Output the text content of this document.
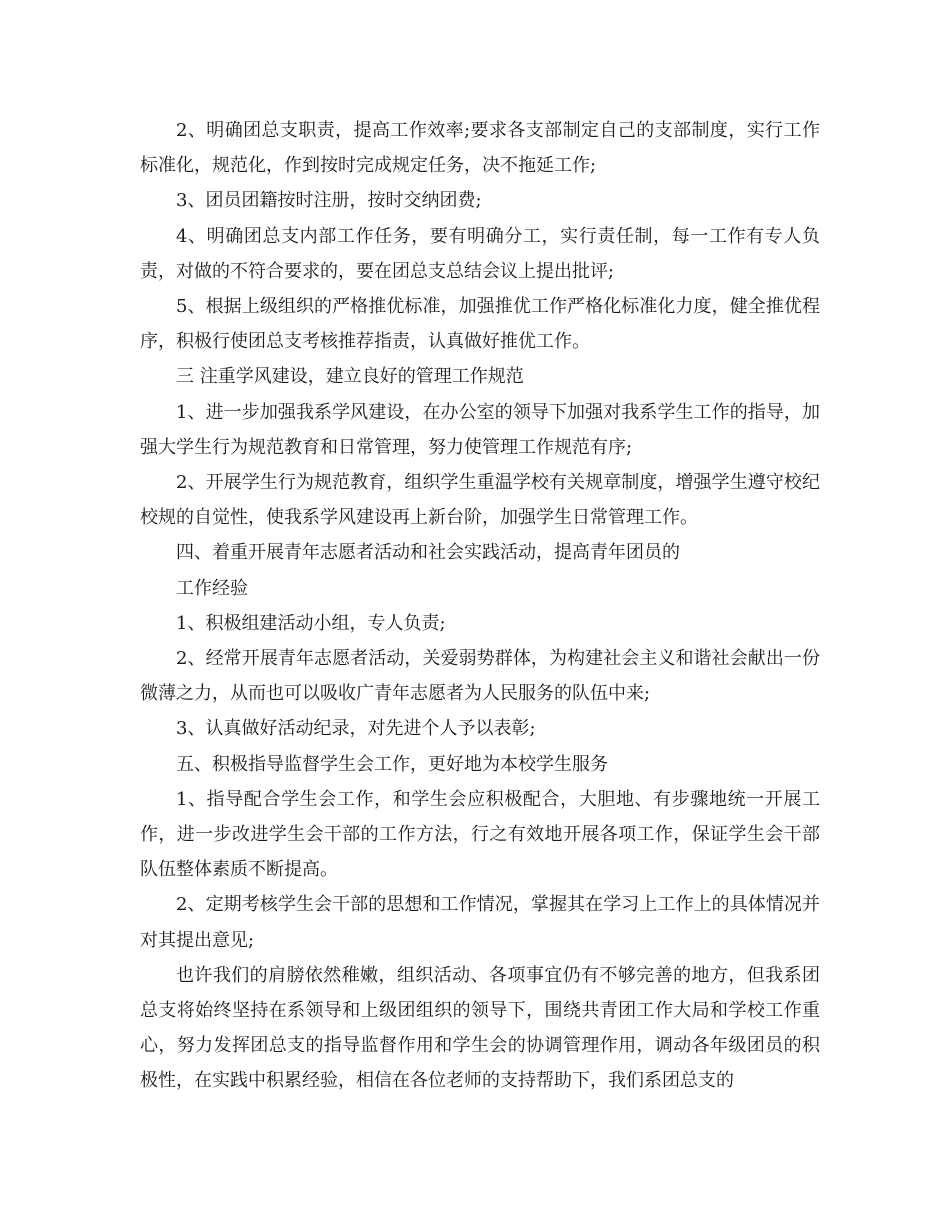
2、明确团总支职责，提高工作效率;要求各支部制定自己的支部制度，实行工作标准化，规范化，作到按时完成规定任务，决不拖延工作;

3、团员团籍按时注册，按时交纳团费;

4、明确团总支内部工作任务，要有明确分工，实行责任制，每一工作有专人负责，对做的不符合要求的，要在团总支总结会议上提出批评;

5、根据上级组织的严格推优标准，加强推优工作严格化标准化力度，健全推优程序，积极行使团总支考核推荐指责，认真做好推优工作。

三 注重学风建设，建立良好的管理工作规范

1、进一步加强我系学风建设，在办公室的领导下加强对我系学生工作的指导，加强大学生行为规范教育和日常管理，努力使管理工作规范有序;

2、开展学生行为规范教育，组织学生重温学校有关规章制度，增强学生遵守校纪校规的自觉性，使我系学风建设再上新台阶，加强学生日常管理工作。

四、着重开展青年志愿者活动和社会实践活动，提高青年团员的

工作经验

1、积极组建活动小组，专人负责;

2、经常开展青年志愿者活动，关爱弱势群体，为构建社会主义和谐社会献出一份微薄之力，从而也可以吸收广青年志愿者为人民服务的队伍中来;

3、认真做好活动纪录，对先进个人予以表彰;

五、积极指导监督学生会工作，更好地为本校学生服务

1、指导配合学生会工作，和学生会应积极配合，大胆地、有步骤地统一开展工作，进一步改进学生会干部的工作方法，行之有效地开展各项工作，保证学生会干部队伍整体素质不断提高。

2、定期考核学生会干部的思想和工作情况，掌握其在学习上工作上的具体情况并对其提出意见;

也许我们的肩膀依然稚嫩，组织活动、各项事宜仍有不够完善的地方，但我系团总支将始终坚持在系领导和上级团组织的领导下，围绕共青团工作大局和学校工作重心，努力发挥团总支的指导监督作用和学生会的协调管理作用，调动各年级团员的积极性，在实践中积累经验，相信在各位老师的支持帮助下，我们系团总支的
